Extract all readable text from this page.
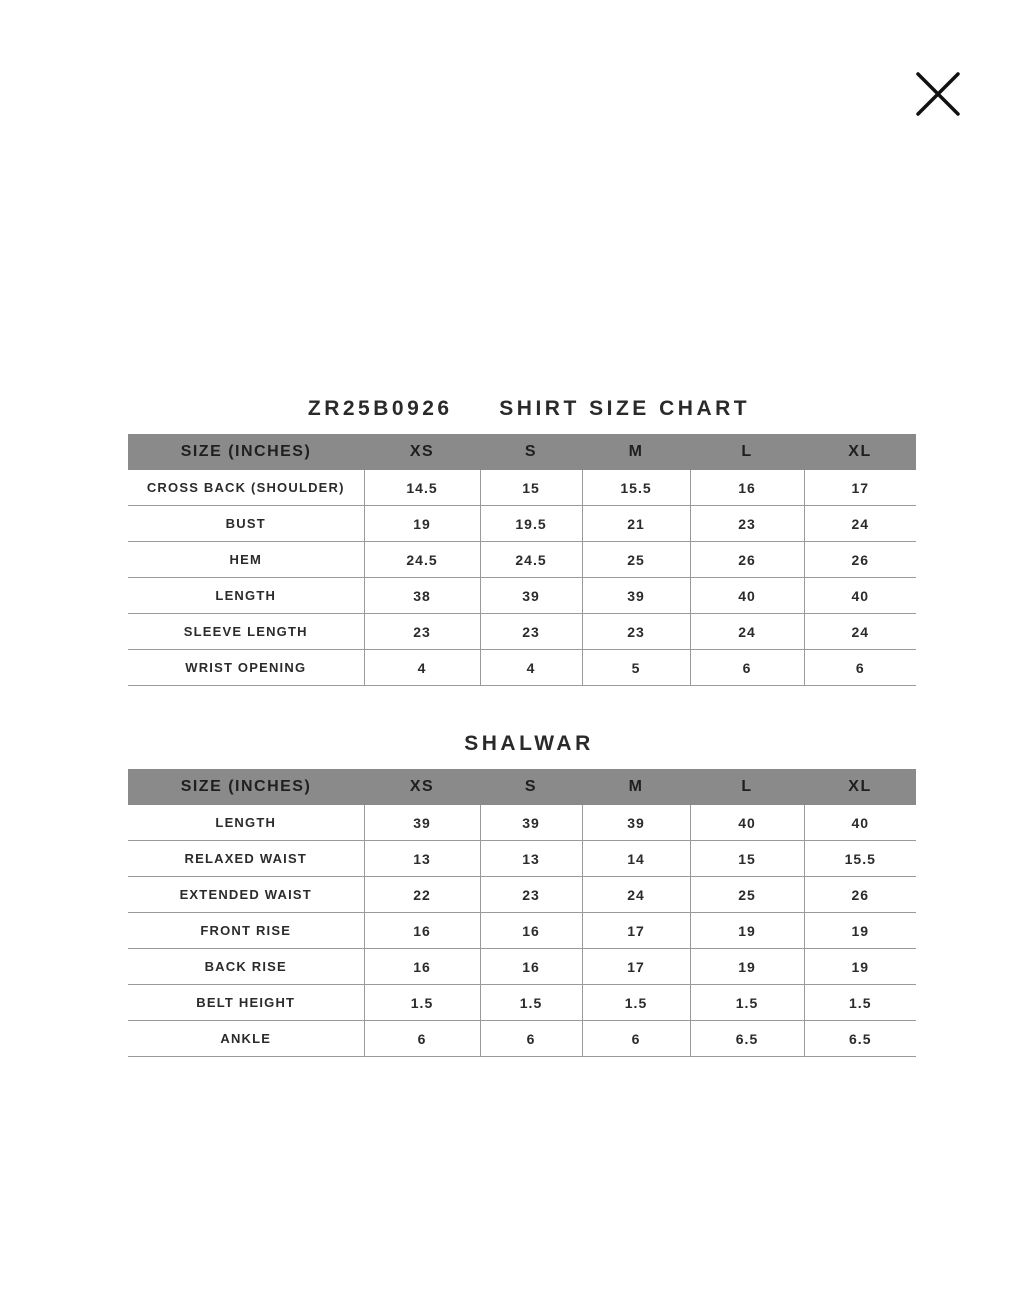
ZR25B0926     SHIRT SIZE CHART
SIZE (INCHES)	XS	S	M	L	XL
CROSS BACK (SHOULDER)	14.5	15	15.5	16	17
BUST	19	19.5	21	23	24
HEM	24.5	24.5	25	26	26
LENGTH	38	39	39	40	40
SLEEVE LENGTH	23	23	23	24	24
WRIST OPENING	4	4	5	6	6
SHALWAR
SIZE (INCHES)	XS	S	M	L	XL
LENGTH	39	39	39	40	40
RELAXED WAIST	13	13	14	15	15.5
EXTENDED WAIST	22	23	24	25	26
FRONT RISE	16	16	17	19	19
BACK RISE	16	16	17	19	19
BELT HEIGHT	1.5	1.5	1.5	1.5	1.5
ANKLE	6	6	6	6.5	6.5
